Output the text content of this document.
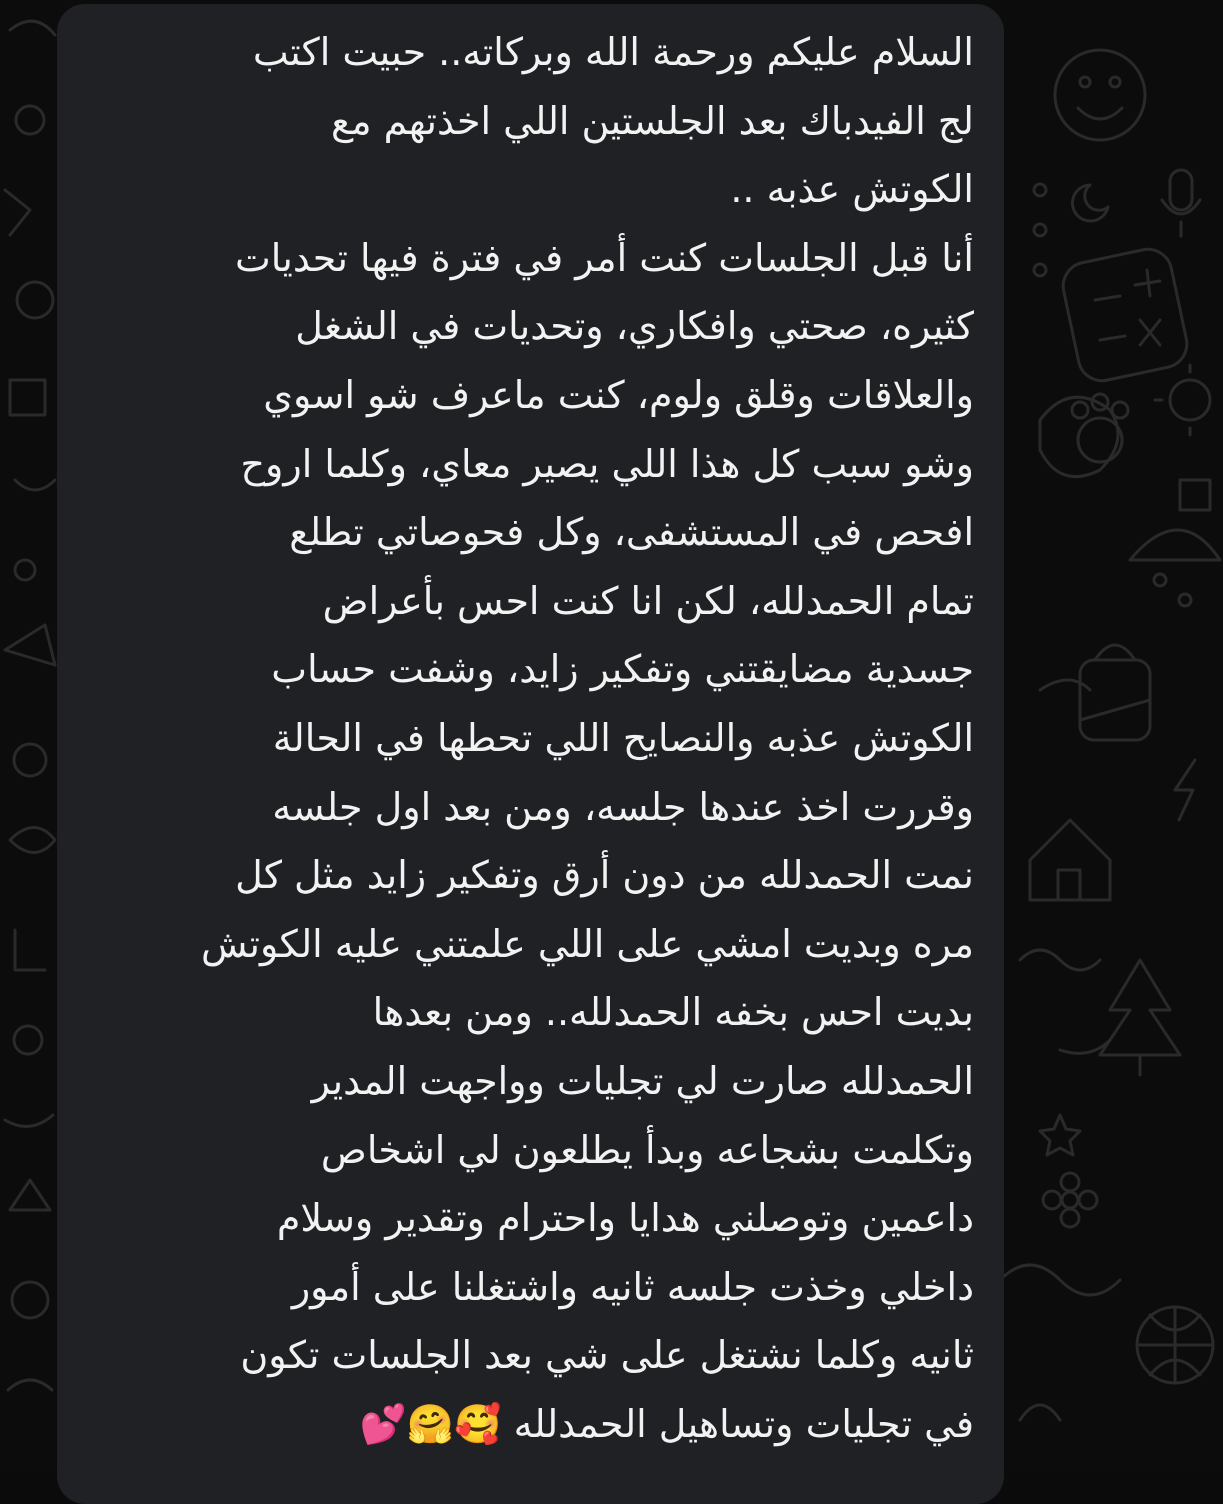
السلام عليكم ورحمة الله وبركاته.. حبيت اكتب
لج الفيدباك بعد الجلستين اللي اخذتهم مع
الكوتش عذبه ..
أنا قبل الجلسات كنت أمر في فترة فيها تحديات
كثيره، صحتي وافكاري، وتحديات في الشغل
والعلاقات وقلق ولوم، كنت ماعرف شو اسوي
وشو سبب كل هذا اللي يصير معاي، وكلما اروح
افحص في المستشفى، وكل فحوصاتي تطلع
تمام الحمدلله، لكن انا كنت احس بأعراض
جسدية مضايقتني وتفكير زايد، وشفت حساب
الكوتش عذبه والنصايح اللي تحطها في الحالة
وقررت اخذ عندها جلسه، ومن بعد اول جلسه
نمت الحمدلله من دون أرق وتفكير زايد مثل كل
مره وبديت امشي على اللي علمتني عليه الكوتش
بديت احس بخفه الحمدلله.. ومن بعدها
الحمدلله صارت لي تجليات وواجهت المدير
وتكلمت بشجاعه وبدأ يطلعون لي اشخاص
داعمين وتوصلني هدايا واحترام وتقدير وسلام
داخلي وخذت جلسه ثانيه واشتغلنا على أمور
ثانيه وكلما نشتغل على شي بعد الجلسات تكون
في تجليات وتساهيل الحمدلله 🥰🤗💕
